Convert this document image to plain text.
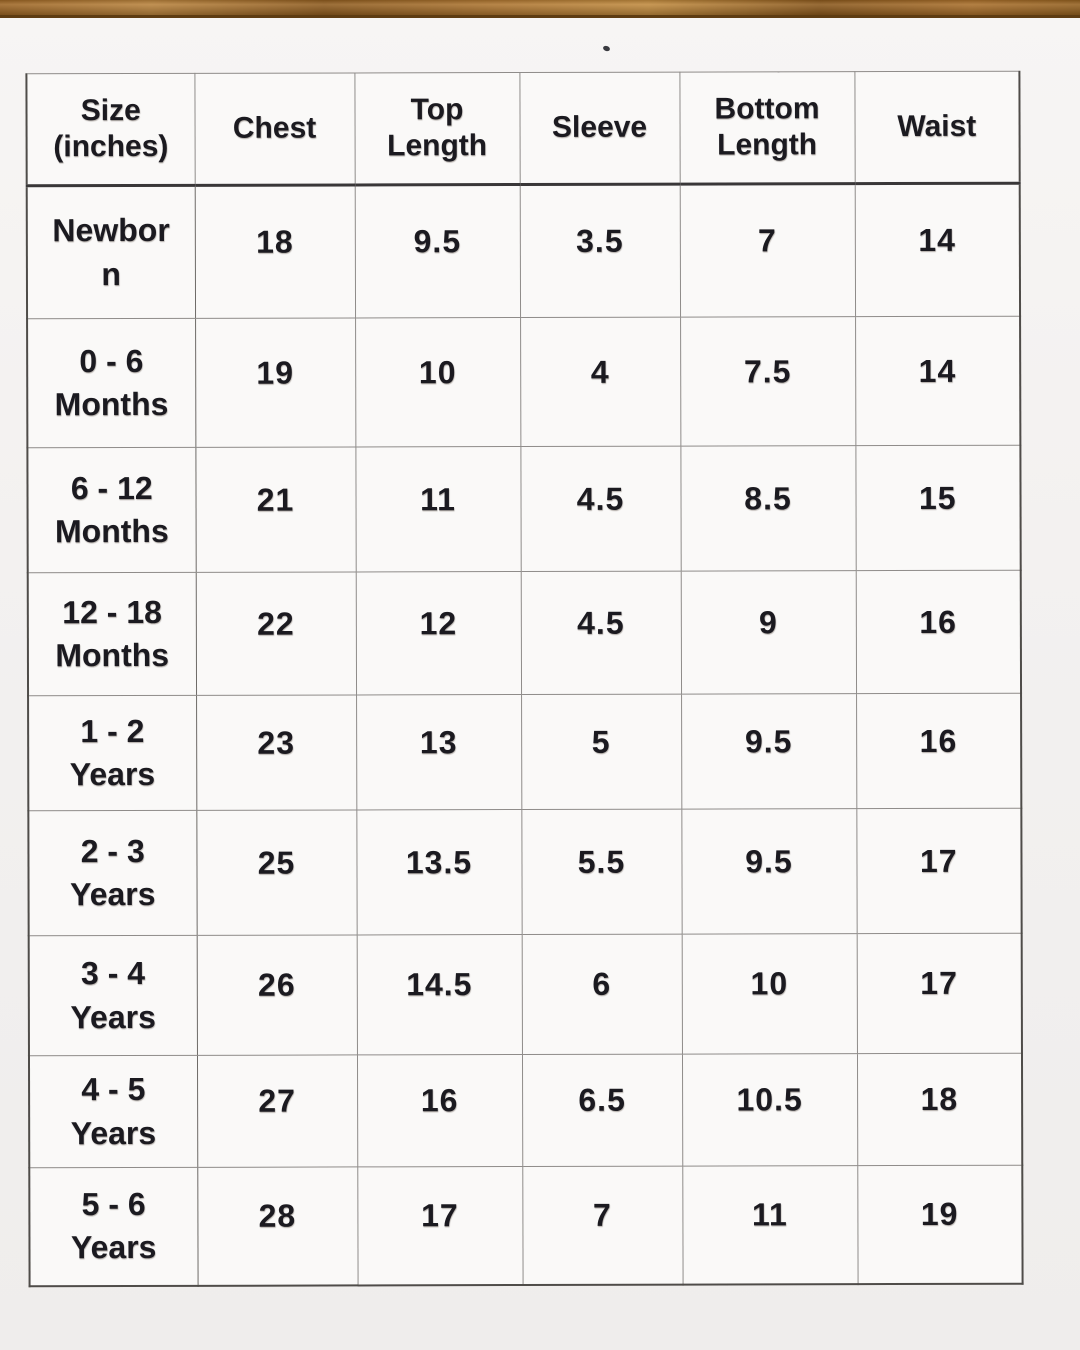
Size (inches)	Chest	Top Length	Sleeve	Bottom Length	Waist
Newborn	18	9.5	3.5	7	14
0 - 6 Months	19	10	4	7.5	14
6 - 12 Months	21	11	4.5	8.5	15
12 - 18 Months	22	12	4.5	9	16
1 - 2 Years	23	13	5	9.5	16
2 - 3 Years	25	13.5	5.5	9.5	17
3 - 4 Years	26	14.5	6	10	17
4 - 5 Years	27	16	6.5	10.5	18
5 - 6 Years	28	17	7	11	19
